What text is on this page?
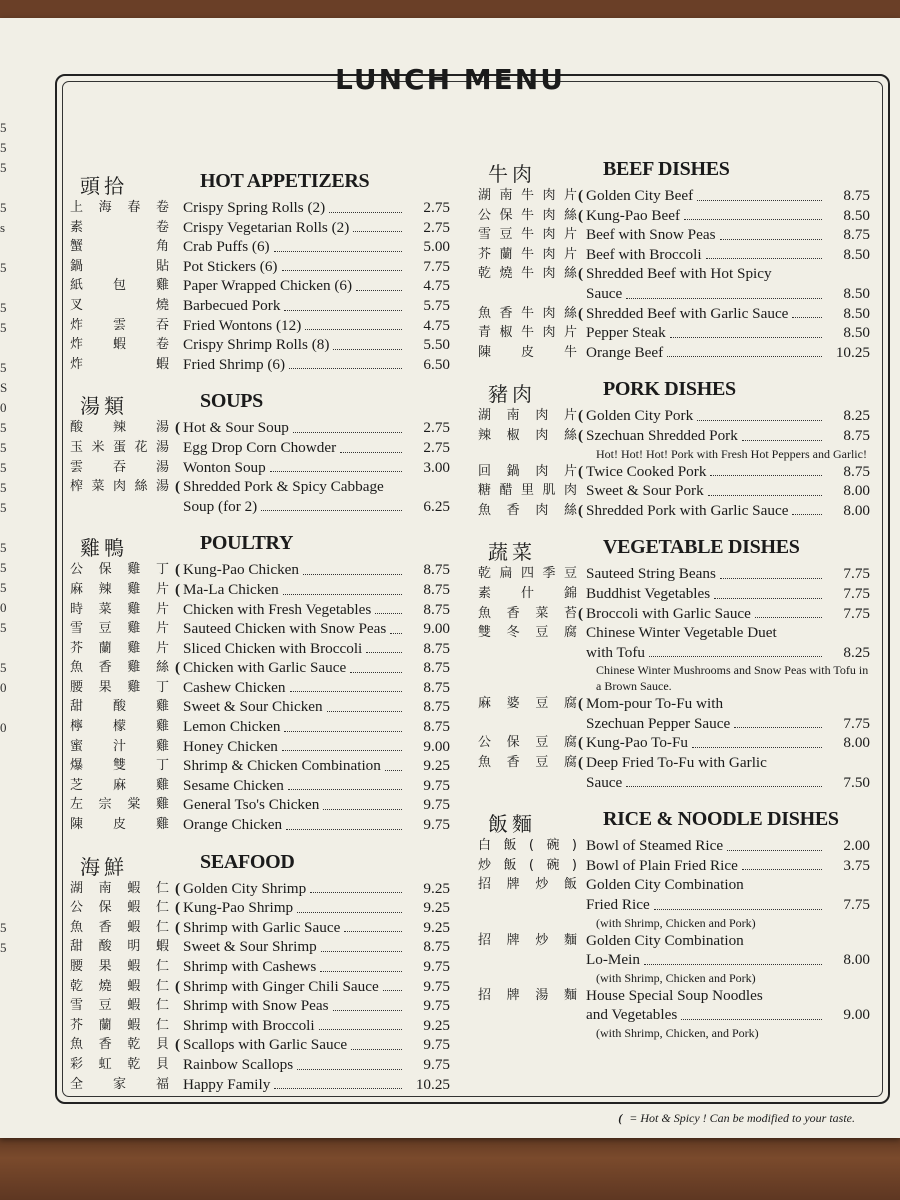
5
5
5
5
s
5
5
5
5
S
0
5
5
5
5
5
5
5
5
0
5
5
0
0
5
5
LUNCH MENU
頭拾	HOT APPETIZERS
上海春卷 Crispy Spring Rolls (2)	2.75
素卷 Crispy Vegetarian Rolls (2)	2.75
蟹角 Crab Puffs (6)	5.00
鍋貼 Pot Stickers (6)	7.75
紙包雞 Paper Wrapped Chicken (6)	4.75
叉燒 Barbecued Pork	5.75
炸雲吞 Fried Wontons (12)	4.75
炸蝦卷 Crispy Shrimp Rolls (8)	5.50
炸蝦 Fried Shrimp (6)	6.50
湯類	SOUPS
酸辣湯 ( Hot & Sour Soup	2.75
玉米蛋花湯 Egg Drop Corn Chowder	2.75
雲吞湯 Wonton Soup	3.00
榨菜肉絲湯 ( Shredded Pork & Spicy Cabbage
Soup (for 2)	6.25
雞鴨	POULTRY
公保雞丁 ( Kung-Pao Chicken	8.75
麻辣雞片 ( Ma-La Chicken	8.75
時菜雞片 Chicken with Fresh Vegetables	8.75
雪豆雞片 Sauteed Chicken with Snow Peas	9.00
芥蘭雞片 Sliced Chicken with Broccoli	8.75
魚香雞絲 ( Chicken with Garlic Sauce	8.75
腰果雞丁 Cashew Chicken	8.75
甜酸雞 Sweet & Sour Chicken	8.75
檸檬雞 Lemon Chicken	8.75
蜜汁雞 Honey Chicken	9.00
爆雙丁 Shrimp & Chicken Combination	9.25
芝麻雞 Sesame Chicken	9.75
左宗棠雞 General Tso's Chicken	9.75
陳皮雞 Orange Chicken	9.75
海鮮	SEAFOOD
湖南蝦仁 ( Golden City Shrimp	9.25
公保蝦仁 ( Kung-Pao Shrimp	9.25
魚香蝦仁 ( Shrimp with Garlic Sauce	9.25
甜酸明蝦 Sweet & Sour Shrimp	8.75
腰果蝦仁 Shrimp with Cashews	9.75
乾燒蝦仁 ( Shrimp with Ginger Chili Sauce	9.75
雪豆蝦仁 Shrimp with Snow Peas	9.75
芥蘭蝦仁 Shrimp with Broccoli	9.25
魚香乾貝 ( Scallops with Garlic Sauce	9.75
彩虹乾貝 Rainbow Scallops	9.75
全家福 Happy Family	10.25
牛肉	BEEF DISHES
湖南牛肉片 ( Golden City Beef	8.75
公保牛肉絲 ( Kung-Pao Beef	8.50
雪豆牛肉片 Beef with Snow Peas	8.75
芥蘭牛肉片 Beef with Broccoli	8.50
乾燒牛肉絲 ( Shredded Beef with Hot Spicy
Sauce	8.50
魚香牛肉絲 ( Shredded Beef with Garlic Sauce	8.50
青椒牛肉片 Pepper Steak	8.50
陳皮牛 Orange Beef	10.25
豬肉	PORK DISHES
湖南肉片 ( Golden City Pork	8.25
辣椒肉絲 ( Szechuan Shredded Pork	8.75
Hot! Hot! Hot! Pork with Fresh Hot Peppers and Garlic!
回鍋肉片 ( Twice Cooked Pork	8.75
糖醋里肌肉 Sweet & Sour Pork	8.00
魚香肉絲 ( Shredded Pork with Garlic Sauce	8.00
蔬菜	VEGETABLE DISHES
乾扁四季豆 Sauteed String Beans	7.75
素什錦 Buddhist Vegetables	7.75
魚香菜苔 ( Broccoli with Garlic Sauce	7.75
雙冬豆腐 Chinese Winter Vegetable Duet
with Tofu	8.25
Chinese Winter Mushrooms and Snow Peas with Tofu in a Brown Sauce.
麻婆豆腐 ( Mom-pour To-Fu with
Szechuan Pepper Sauce	7.75
公保豆腐 ( Kung-Pao To-Fu	8.00
魚香豆腐 ( Deep Fried To-Fu with Garlic
Sauce	7.50
飯麵	RICE & NOODLE DISHES
白飯(碗) Bowl of Steamed Rice	2.00
炒飯(碗) Bowl of Plain Fried Rice	3.75
招牌炒飯 Golden City Combination
Fried Rice	7.75
(with Shrimp, Chicken and Pork)
招牌炒麵 Golden City Combination
Lo-Mein	8.00
(with Shrimp, Chicken and Pork)
招牌湯麵 House Special Soup Noodles
and Vegetables	9.00
(with Shrimp, Chicken, and Pork)
( = Hot & Spicy ! Can be modified to your taste.
